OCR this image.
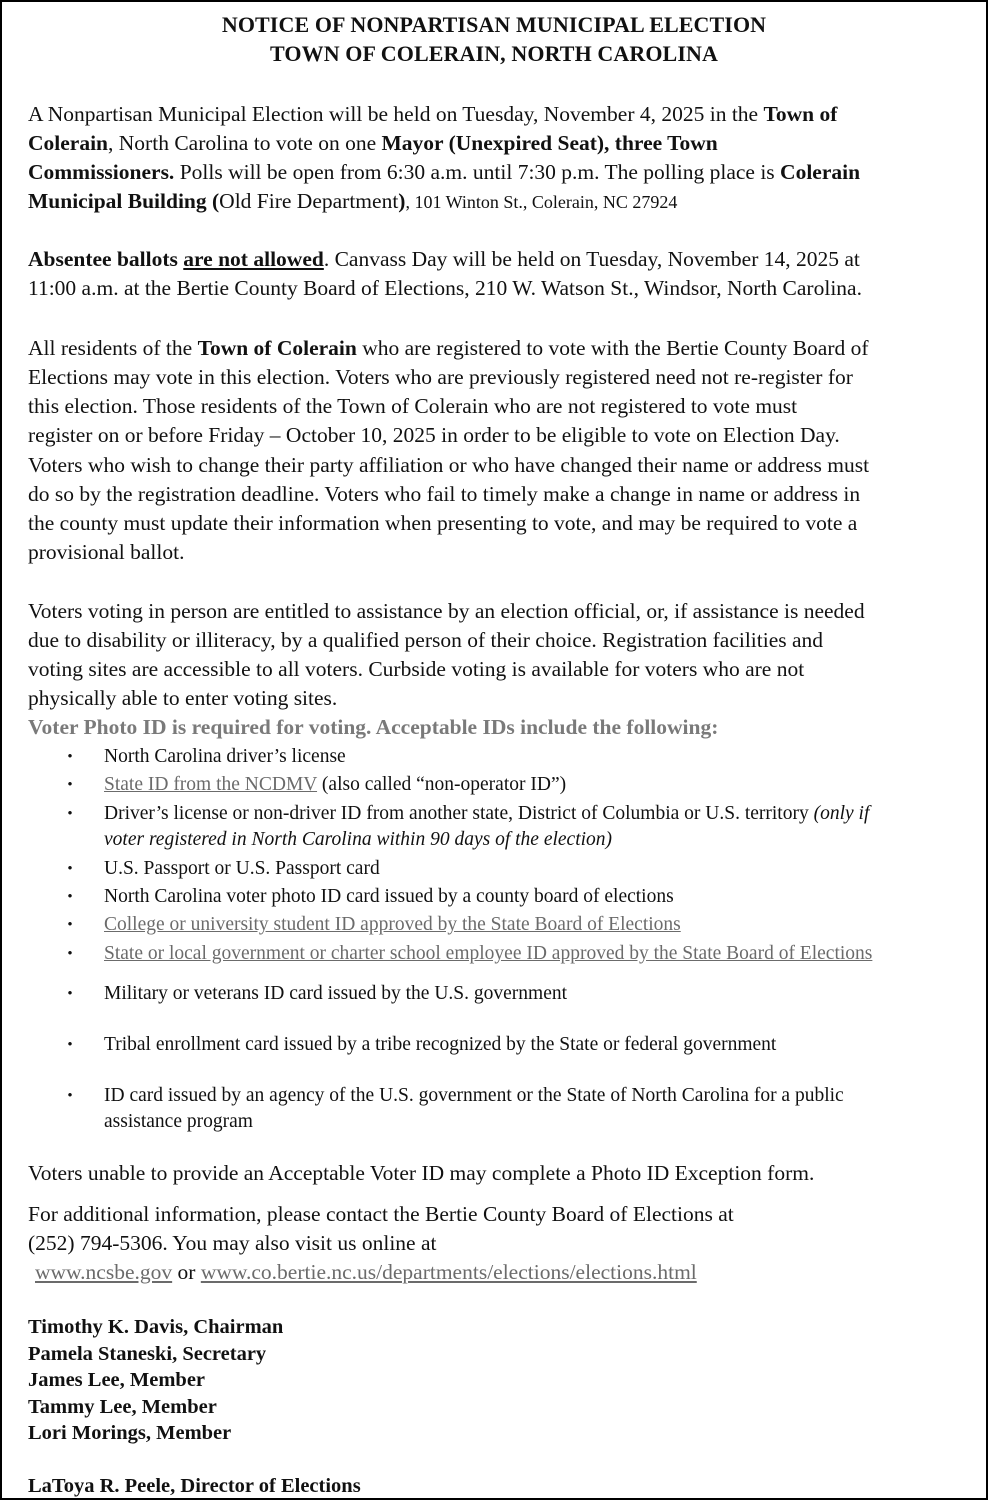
NOTICE OF NONPARTISAN MUNICIPAL ELECTION
TOWN OF COLERAIN, NORTH CAROLINA
A Nonpartisan Municipal Election will be held on Tuesday, November 4, 2025 in the Town of
Colerain, North Carolina to vote on one Mayor (Unexpired Seat), three Town
Commissioners. Polls will be open from 6:30 a.m. until 7:30 p.m. The polling place is Colerain
Municipal Building (Old Fire Department), 101 Winton St., Colerain, NC 27924
Absentee ballots are not allowed. Canvass Day will be held on Tuesday, November 14, 2025 at
11:00 a.m. at the Bertie County Board of Elections, 210 W. Watson St., Windsor, North Carolina.
All residents of the Town of Colerain who are registered to vote with the Bertie County Board of
Elections may vote in this election. Voters who are previously registered need not re-register for
this election. Those residents of the Town of Colerain who are not registered to vote must
register on or before Friday – October 10, 2025 in order to be eligible to vote on Election Day.
Voters who wish to change their party affiliation or who have changed their name or address must
do so by the registration deadline. Voters who fail to timely make a change in name or address in
the county must update their information when presenting to vote, and may be required to vote a
provisional ballot.
Voters voting in person are entitled to assistance by an election official, or, if assistance is needed
due to disability or illiteracy, by a qualified person of their choice. Registration facilities and
voting sites are accessible to all voters. Curbside voting is available for voters who are not
physically able to enter voting sites.
Voter Photo ID is required for voting. Acceptable IDs include the following:
•	North Carolina driver’s license
•	State ID from the NCDMV (also called “non-operator ID”)
•	Driver’s license or non-driver ID from another state, District of Columbia or U.S. territory (only if
voter registered in North Carolina within 90 days of the election)
•	U.S. Passport or U.S. Passport card
•	North Carolina voter photo ID card issued by a county board of elections
•	College or university student ID approved by the State Board of Elections
•	State or local government or charter school employee ID approved by the State Board of Elections
•	Military or veterans ID card issued by the U.S. government
•	Tribal enrollment card issued by a tribe recognized by the State or federal government
•	ID card issued by an agency of the U.S. government or the State of North Carolina for a public
assistance program
Voters unable to provide an Acceptable Voter ID may complete a Photo ID Exception form.
For additional information, please contact the Bertie County Board of Elections at
(252) 794-5306. You may also visit us online at
www.ncsbe.gov or www.co.bertie.nc.us/departments/elections/elections.html
Timothy K. Davis, Chairman
Pamela Staneski, Secretary
James Lee, Member
Tammy Lee, Member
Lori Morings, Member
LaToya R. Peele, Director of Elections
